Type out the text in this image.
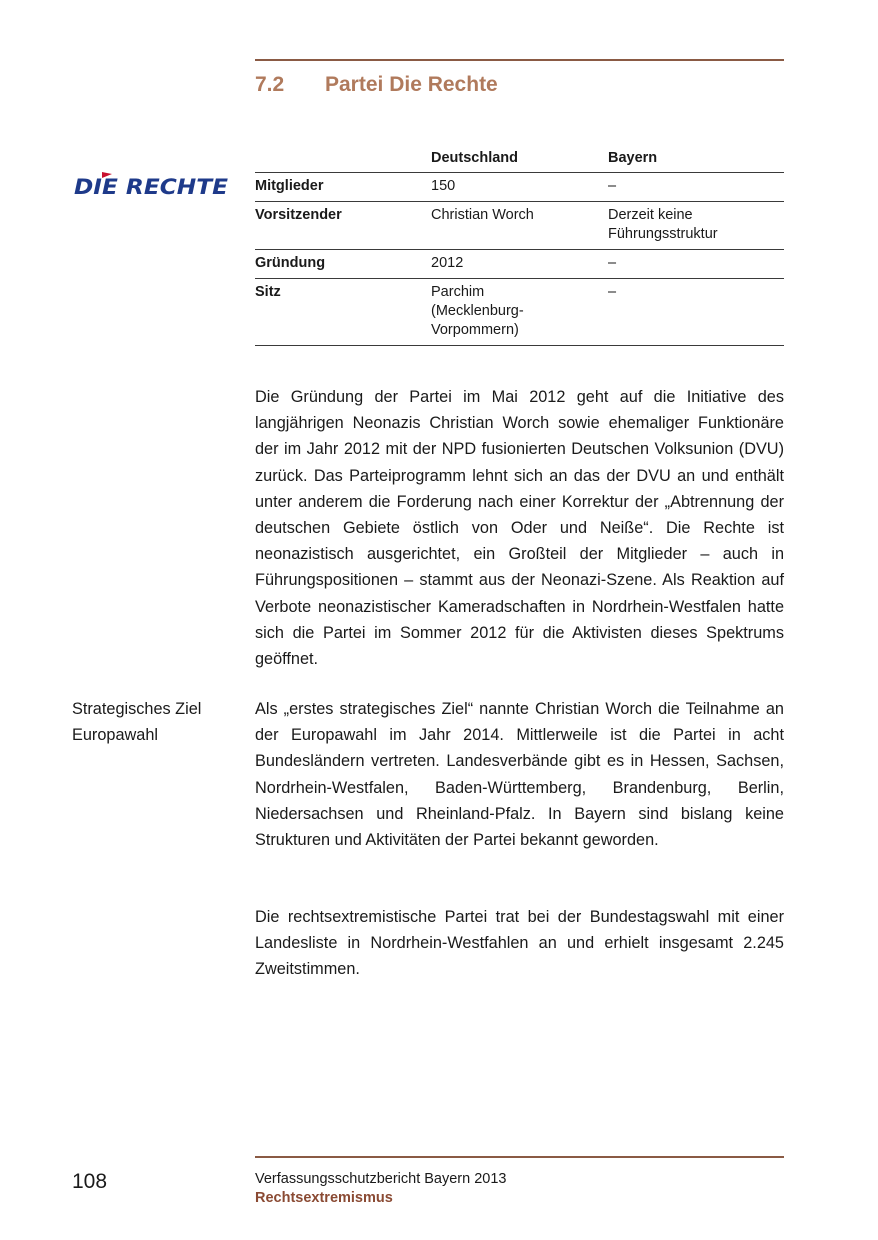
7.2	Partei Die Rechte
DIE RECHTE
	Deutschland	Bayern
Mitglieder	150	–
Vorsitzender	Christian Worch	Derzeit keine Führungsstruktur
Gründung	2012	–
Sitz	Parchim (Mecklenburg-Vorpommern)	–

Die Gründung der Partei im Mai 2012 geht auf die Initiative des langjährigen Neonazis Christian Worch sowie ehemaliger Funktionäre der im Jahr 2012 mit der NPD fusionierten Deutschen Volksunion (DVU) zurück. Das Parteiprogramm lehnt sich an das der DVU an und enthält unter anderem die Forderung nach einer Korrektur der „Abtrennung der deutschen Gebiete östlich von Oder und Neiße“. Die Rechte ist neonazistisch ausgerichtet, ein Großteil der Mitglieder – auch in Führungspositionen – stammt aus der Neonazi-Szene. Als Reaktion auf Verbote neonazistischer Kameradschaften in Nordrhein-Westfalen hatte sich die Partei im Sommer 2012 für die Aktivisten dieses Spektrums geöffnet.

Strategisches Ziel
Europawahl

Als „erstes strategisches Ziel“ nannte Christian Worch die Teilnahme an der Europawahl im Jahr 2014. Mittlerweile ist die Partei in acht Bundesländern vertreten. Landesverbände gibt es in Hessen, Sachsen, Nordrhein-Westfalen, Baden-Württemberg, Brandenburg, Berlin, Niedersachsen und Rheinland-Pfalz. In Bayern sind bislang keine Strukturen und Aktivitäten der Partei bekannt geworden.

Die rechtsextremistische Partei trat bei der Bundestagswahl mit einer Landesliste in Nordrhein-Westfahlen an und erhielt insgesamt 2.245 Zweitstimmen.

108	Verfassungsschutzbericht Bayern 2013
Rechtsextremismus
